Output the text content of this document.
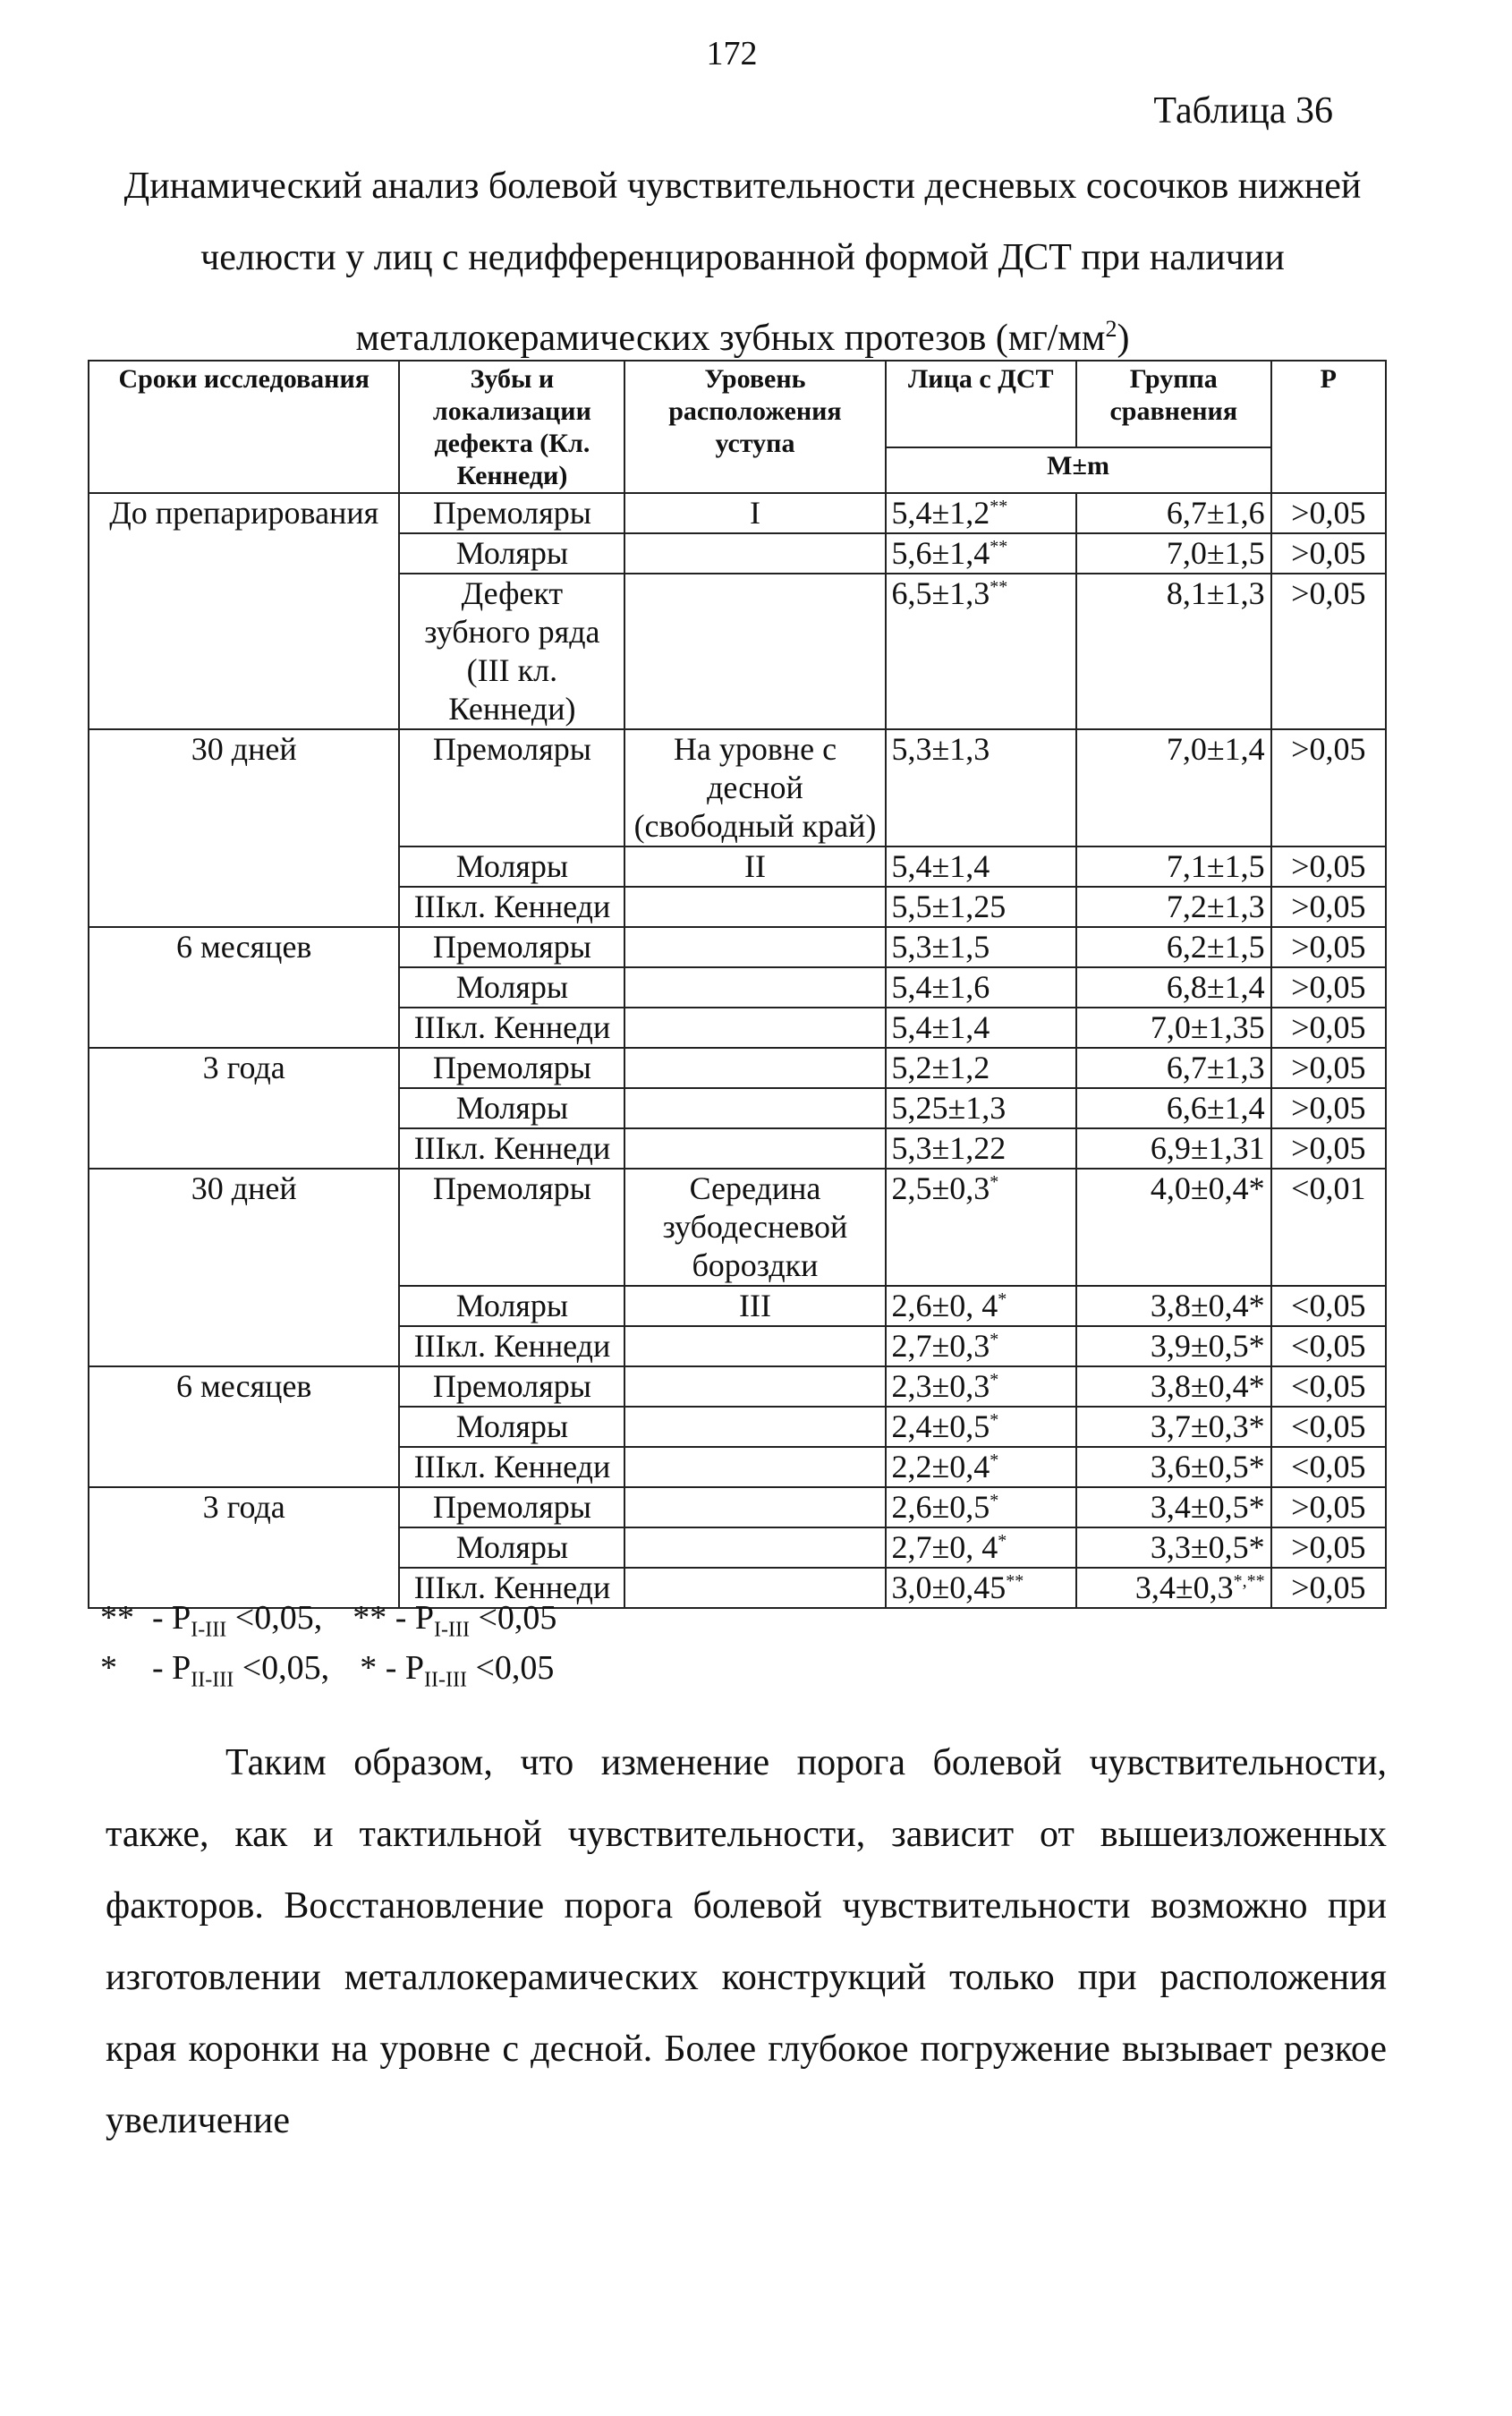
172
Таблица 36
Динамический анализ болевой чувствительности десневых сосочков нижней челюсти у лиц с недифференцированной формой ДСТ при наличии металлокерамических зубных протезов $(мг/мм^2)$
Сроки исследования	Зубы и локализации дефекта (Кл. Кеннеди)	Уровень расположения уступа	Лица с ДСТ	Группа сравнения	P
			M±m		
До препарирования	Премоляры	I	5,4±1,2**	6,7±1,6	>0,05
	Моляры		5,6±1,4**	7,0±1,5	>0,05
	Дефект зубного ряда (III кл. Кеннеди)		6,5±1,3**	8,1±1,3	>0,05
30 дней	Премоляры	На уровне с десной (свободный край)	5,3±1,3	7,0±1,4	>0,05
	Моляры	II	5,4±1,4	7,1±1,5	>0,05
	IIIкл. Кеннеди		5,5±1,25	7,2±1,3	>0,05
6 месяцев	Премоляры		5,3±1,5	6,2±1,5	>0,05
	Моляры		5,4±1,6	6,8±1,4	>0,05
	IIIкл. Кеннеди		5,4±1,4	7,0±1,35	>0,05
3 года	Премоляры		5,2±1,2	6,7±1,3	>0,05
	Моляры		5,25±1,3	6,6±1,4	>0,05
	IIIкл. Кеннеди		5,3±1,22	6,9±1,31	>0,05
30 дней	Премоляры	Середина зубодесневой бороздки	2,5±0,3*	4,0±0,4*	<0,01
	Моляры	III	2,6±0, 4*	3,8±0,4*	<0,05
	IIIкл. Кеннеди		2,7±0,3*	3,9±0,5*	<0,05
6 месяцев	Премоляры		2,3±0,3*	3,8±0,4*	<0,05
	Моляры		2,4±0,5*	3,7±0,3*	<0,05
	IIIкл. Кеннеди		2,2±0,4*	3,6±0,5*	<0,05
3 года	Премоляры		2,6±0,5*	3,4±0,5*	>0,05
	Моляры		2,7±0, 4*	3,3±0,5*	>0,05
	IIIкл. Кеннеди		3,0±0,45**	3,4±0,3*,**	>0,05
** - $P_{I-III} <0,05$, ** - $P_{I-III} <0,05$
* - $P_{II-III} <0,05$, * - $P_{II-III} <0,05$

Таким образом, что изменение порога болевой чувствительности, также, как и тактильной чувствительности, зависит от вышеизложенных факторов. Восстановление порога болевой чувствительности возможно при изготовлении металлокерамических конструкций только при расположения края коронки на уровне с десной. Более глубокое погружение вызывает резкое увеличение
